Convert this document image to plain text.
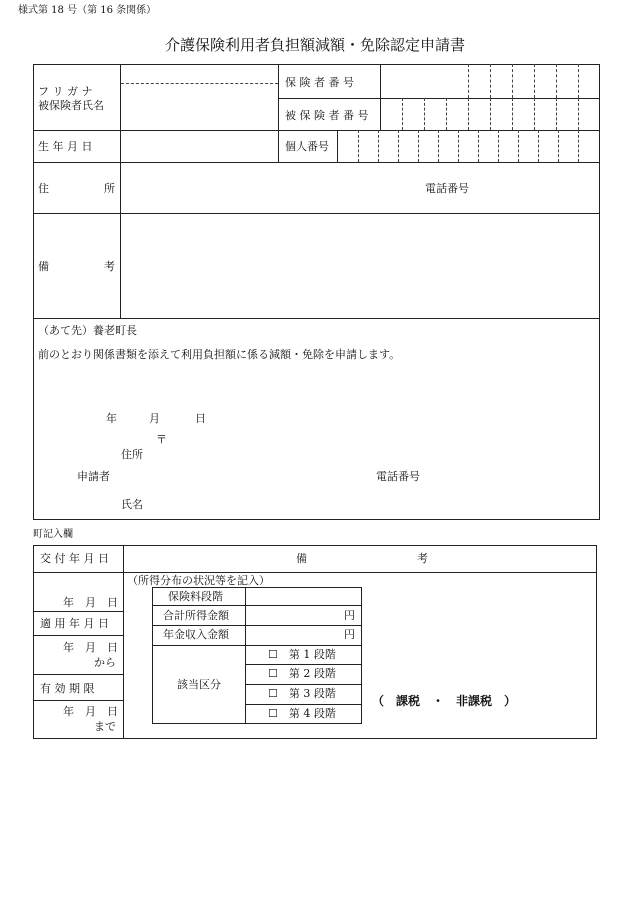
様式第 18 号（第 16 条関係）
介護保険利用者負担額減額・免除認定申請書
フ リ ガ ナ
被保険者氏名
保 険 者 番 号
被 保 険 者 番 号
生 年 月 日	個人番号
住	所	電話番号
備	考
（あて先）養老町長
前のとおり関係書類を添えて利用負担額に係る減額・免除を申請します。
年	月	日
〒
住所
申請者	電話番号
氏名
町記入欄
交 付 年 月 日	備	考
年　月　日
適 用 年 月 日
年　月　日
から
有 効 期 限
年　月　日
まで
（所得分布の状況等を記入）
保険料段階
合計所得金額	円
年金収入金額	円
該当区分
☐　第 1 段階
☐　第 2 段階
☐　第 3 段階
☐　第 4 段階
（　課税　・　非課税　）
